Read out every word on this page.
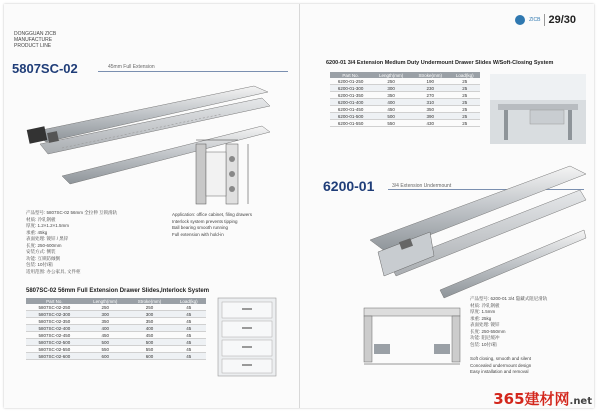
DONGGUAN ZICB
MANUFACTURE
PRODUCT LINE
5807SC-02	45mm Full Extension
产品型号: 5807SC-02 56mm 全拉伸 互锁滑轨
材质: 冷轧钢板
厚度: 1.2×1.2×1.5mm
承重: 45kg
表面处理: 镀锌 / 黑锌
长度: 250-600mm
安装方式: 侧装
功能: 互锁防倾倒
包装: 10付/箱
适用范围: 办公家具, 文件柜
Application: office cabinet, filing drawers
Interlock system prevents tipping
Ball bearing smooth running
Full extension with hold-in
5807SC-02 56mm Full Extension Drawer Slides,Interlock System
Part No.	Length(mm)	Stroke(mm)	Load(kg)
5807SC-02-250	250	250	45
5807SC-02-300	300	300	45
5807SC-02-350	350	350	45
5807SC-02-400	400	400	45
5807SC-02-450	450	450	45
5807SC-02-500	500	500	45
5807SC-02-550	550	550	45
5807SC-02-600	600	600	45
ZICB 29/30
6200-01 3/4 Extension Medium Duty Undermount Drawer Slides W/Soft-Closing System
Part No.	Length(mm)	Stroke(mm)	Load(kg)
6200-01-250	250	190	25
6200-01-300	300	230	25
6200-01-350	350	270	25
6200-01-400	400	310	25
6200-01-450	450	350	25
6200-01-500	500	390	25
6200-01-550	550	430	25
6200-01	3/4 Extension Undermount
产品型号: 6200-01 3/4 隐藏式阻尼滑轨
材质: 冷轧钢板
厚度: 1.5mm
承重: 25kg
表面处理: 镀锌
长度: 250-550mm
功能: 阻尼缓冲
包装: 10付/箱
Soft closing, smooth and silent
Concealed undermount design
Easy installation and removal
365建材网.net
